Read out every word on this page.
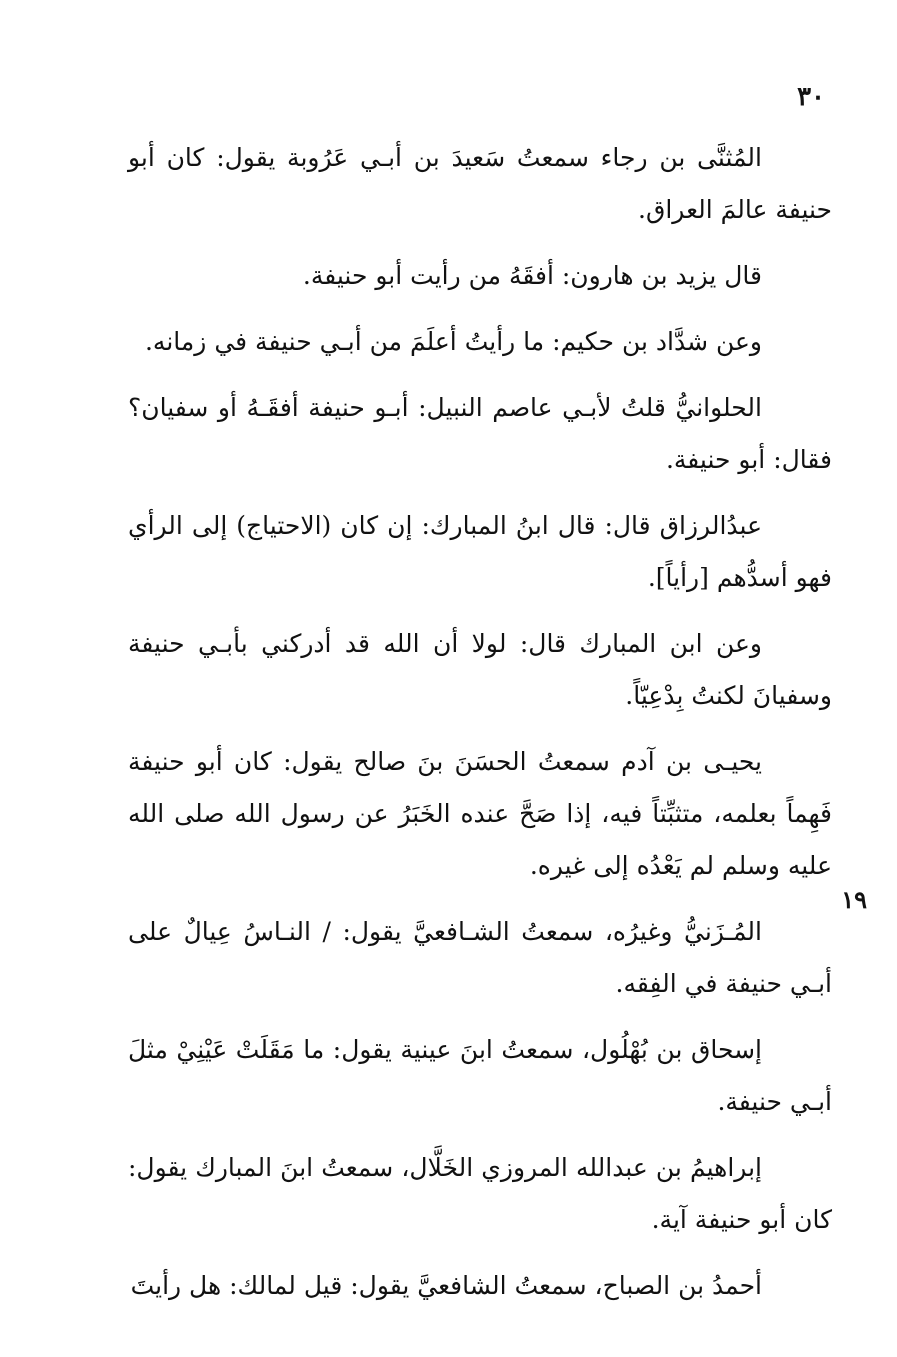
٣٠
١٩

المُثنَّى بن رجاء سمعتُ سَعيدَ بن أبـي عَرُوبة يقول: كان أبو حنيفة عالمَ العراق.

قال يزيد بن هارون: أفقَهُ من رأيت أبو حنيفة.

وعن شدَّاد بن حكيم: ما رأيتُ أعلَمَ من أبـي حنيفة في زمانه.

الحلوانيُّ قلتُ لأبـي عاصم النبيل: أبـو حنيفة أفقَـهُ أو سفيان؟ فقال: أبو حنيفة.

عبدُالرزاق قال: قال ابنُ المبارك: إن كان (الاحتياج) إلى الرأي فهو أسدُّهم [رأياً].

وعن ابن المبارك قال: لولا أن الله قد أدركني بأبـي حنيفة وسفيانَ لكنتُ بِدْعِيّاً.

يحيـى بن آدم سمعتُ الحسَنَ بنَ صالح يقول: كان أبو حنيفة فَهِماً بعلمه، متثبِّتاً فيه، إذا صَحَّ عنده الخَبَرُ عن رسول الله صلى الله عليه وسلم لم يَعْدُه إلى غيره.

المُـزَنيُّ وغيرُه، سمعتُ الشـافعيَّ يقول: / النـاسُ عِيالٌ على أبـي حنيفة في الفِقه.

إسحاق بن بُهْلُول، سمعتُ ابنَ عينية يقول: ما مَقَلَتْ عَيْنِيْ مثلَ أبـي حنيفة.

إبراهيمُ بن عبدالله المروزي الخَلَّال، سمعتُ ابنَ المبارك يقول: كان أبو حنيفة آية.

أحمدُ بن الصباح، سمعتُ الشافعيَّ يقول: قيل لمالك: هل رأيتَ
